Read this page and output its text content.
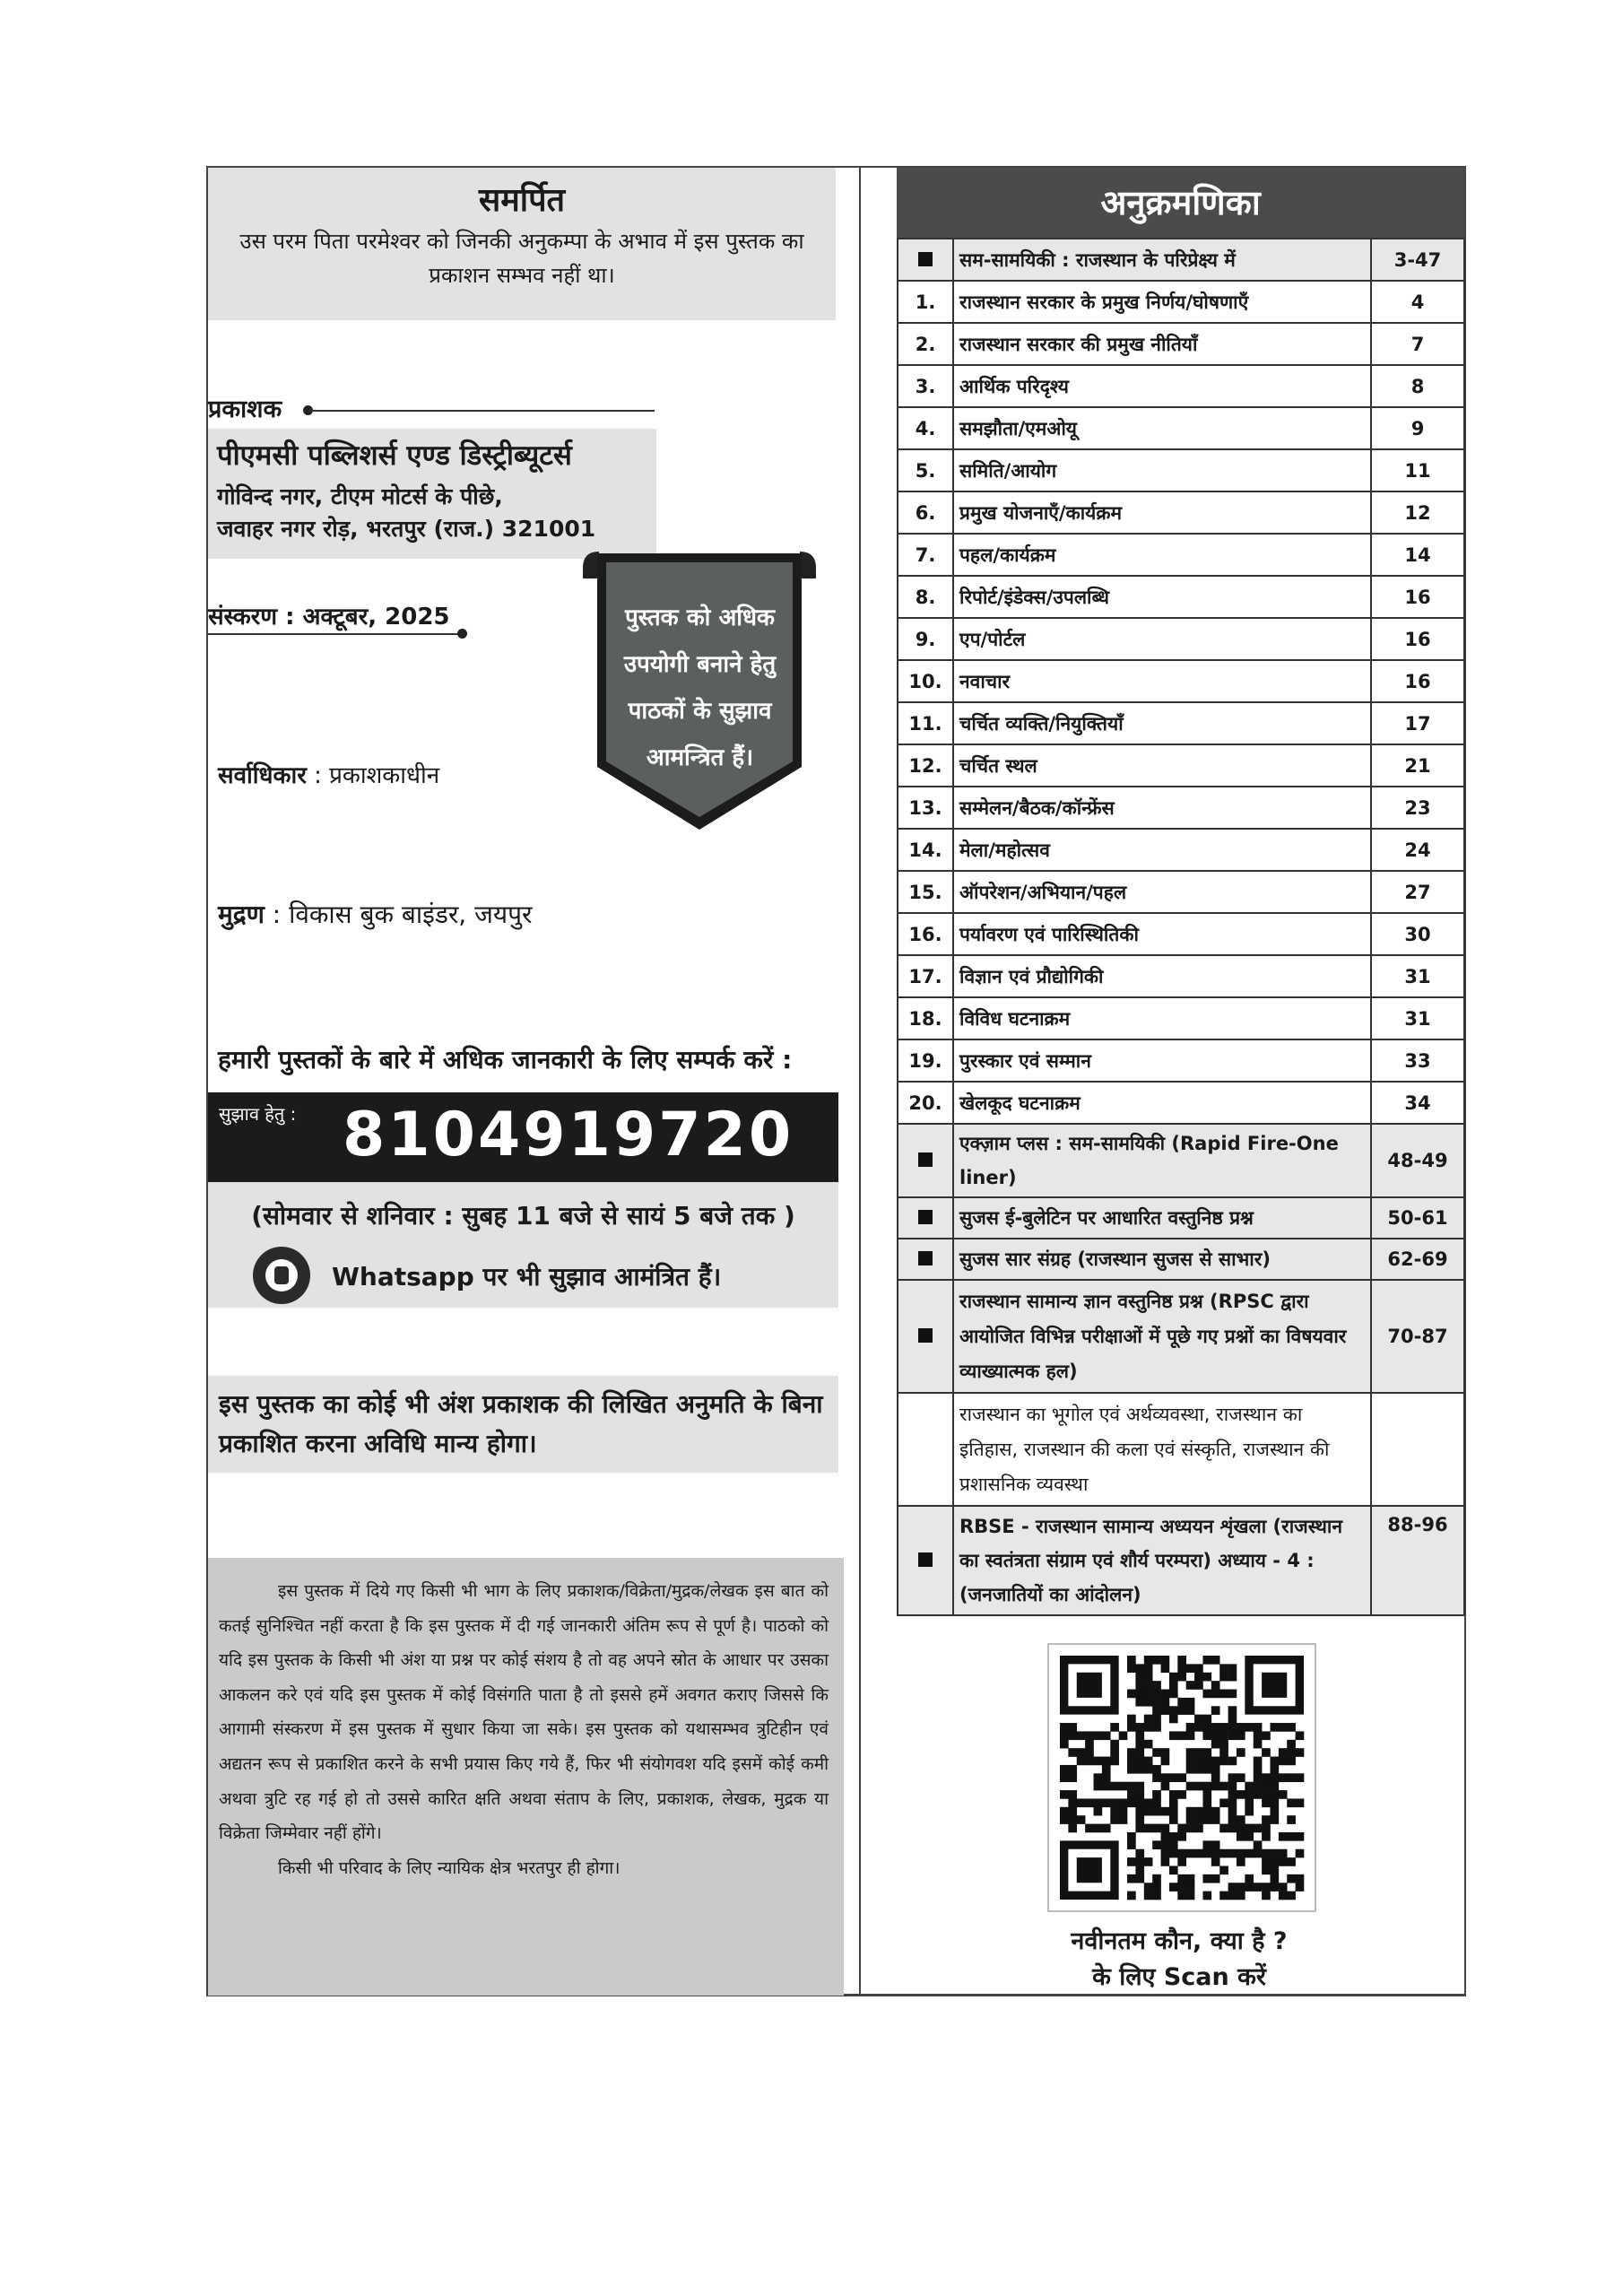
समर्पित
उस परम पिता परमेश्वर को जिनकी अनुकम्पा के अभाव में इस पुस्तक का प्रकाशन सम्भव नहीं था।
प्रकाशक
पीएमसी पब्लिशर्स एण्ड डिस्ट्रीब्यूटर्स
गोविन्द नगर, टीएम मोटर्स के पीछे,
जवाहर नगर रोड़, भरतपुर (राज.) 321001
संस्करण : अक्टूबर, 2025	पुस्तक को अधिक उपयोगी बनाने हेतु पाठकों के सुझाव आमन्त्रित हैं।
सर्वाधिकार : प्रकाशकाधीन
मुद्रण : विकास बुक बाइंडर, जयपुर
हमारी पुस्तकों के बारे में अधिक जानकारी के लिए सम्पर्क करें :
सुझाव हेतु : 8104919720
(सोमवार से शनिवार : सुबह 11 बजे से सायं 5 बजे तक )
Whatsapp पर भी सुझाव आमंत्रित हैं।
इस पुस्तक का कोई भी अंश प्रकाशक की लिखित अनुमति के बिना प्रकाशित करना अविधि मान्य होगा।
इस पुस्तक में दिये गए किसी भी भाग के लिए प्रकाशक/विक्रेता/मुद्रक/लेखक इस बात को कतई सुनिश्चित नहीं करता है कि इस पुस्तक में दी गई जानकारी अंतिम रूप से पूर्ण है। पाठको को यदि इस पुस्तक के किसी भी अंश या प्रश्न पर कोई संशय है तो वह अपने स्रोत के आधार पर उसका आकलन करे एवं यदि इस पुस्तक में कोई विसंगति पाता है तो इससे हमें अवगत कराए जिससे कि आगामी संस्करण में इस पुस्तक में सुधार किया जा सके। इस पुस्तक को यथासम्भव त्रुटिहीन एवं अद्यतन रूप से प्रकाशित करने के सभी प्रयास किए गये हैं, फिर भी संयोगवश यदि इसमें कोई कमी अथवा त्रुटि रह गई हो तो उससे कारित क्षति अथवा संताप के लिए, प्रकाशक, लेखक, मुद्रक या विक्रेता जिम्मेवार नहीं होंगे।
किसी भी परिवाद के लिए न्यायिक क्षेत्र भरतपुर ही होगा।
अनुक्रमणिका
	सम-सामयिकी : राजस्थान के परिप्रेक्ष्य में	3-47
1.	राजस्थान सरकार के प्रमुख निर्णय/घोषणाएँ	4
2.	राजस्थान सरकार की प्रमुख नीतियाँ	7
3.	आर्थिक परिदृश्य	8
4.	समझौता/एमओयू	9
5.	समिति/आयोग	11
6.	प्रमुख योजनाएँ/कार्यक्रम	12
7.	पहल/कार्यक्रम	14
8.	रिपोर्ट/इंडेक्स/उपलब्धि	16
9.	एप/पोर्टल	16
10.	नवाचार	16
11.	चर्चित व्यक्ति/नियुक्तियाँ	17
12.	चर्चित स्थल	21
13.	सम्मेलन/बैठक/कॉन्फ्रेंस	23
14.	मेला/महोत्सव	24
15.	ऑपरेशन/अभियान/पहल	27
16.	पर्यावरण एवं पारिस्थितिकी	30
17.	विज्ञान एवं प्रौद्योगिकी	31
18.	विविध घटनाक्रम	31
19.	पुरस्कार एवं सम्मान	33
20.	खेलकूद घटनाक्रम	34
	एक्ज़ाम प्लस : सम-सामयिकी (Rapid Fire-One liner)	48-49
	सुजस ई-बुलेटिन पर आधारित वस्तुनिष्ठ प्रश्न	50-61
	सुजस सार संग्रह (राजस्थान सुजस से साभार)	62-69
	राजस्थान सामान्य ज्ञान वस्तुनिष्ठ प्रश्न (RPSC द्वारा आयोजित विभिन्न परीक्षाओं में पूछे गए प्रश्नों का विषयवार व्याख्यात्मक हल)	70-87
	राजस्थान का भूगोल एवं अर्थव्यवस्था, राजस्थान का इतिहास, राजस्थान की कला एवं संस्कृति, राजस्थान की प्रशासनिक व्यवस्था	
	RBSE - राजस्थान सामान्य अध्ययन शृंखला (राजस्थान का स्वतंत्रता संग्राम एवं शौर्य परम्परा) अध्याय - 4 : (जनजातियों का आंदोलन)	88-96
नवीनतम कौन, क्या है ?
के लिए Scan करें
